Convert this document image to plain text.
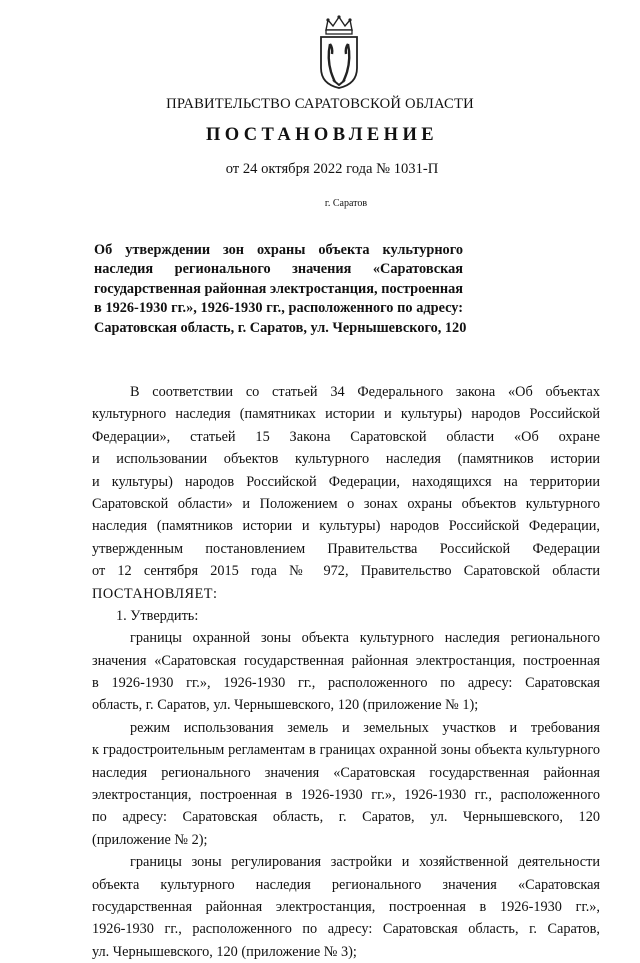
ПРАВИТЕЛЬСТВО САРАТОВСКОЙ ОБЛАСТИ
ПОСТАНОВЛЕНИЕ
от 24 октября 2022 года № 1031-П
г. Саратов
Об утверждении зон охраны объекта культурного
наследия регионального значения «Саратовская
государственная районная электростанция, построенная
в 1926-1930 гг.», 1926-1930 гг., расположенного по адресу:
Саратовская область, г. Саратов, ул. Чернышевского, 120
В соответствии со статьей 34 Федерального закона «Об объектах
культурного наследия (памятниках истории и культуры) народов Российской
Федерации», статьей 15 Закона Саратовской области «Об охране
и использовании объектов культурного наследия (памятников истории
и культуры) народов Российской Федерации, находящихся на территории
Саратовской области» и Положением о зонах охраны объектов культурного
наследия (памятников истории и культуры) народов Российской Федерации,
утвержденным постановлением Правительства Российской Федерации
от 12 сентября 2015 года № 972, Правительство Саратовской области
ПОСТАНОВЛЯЕТ:
1. Утвердить:
границы охранной зоны объекта культурного наследия регионального
значения «Саратовская государственная районная электростанция, построенная
в 1926-1930 гг.», 1926-1930 гг., расположенного по адресу: Саратовская
область, г. Саратов, ул. Чернышевского, 120 (приложение № 1);
режим использования земель и земельных участков и требования
к градостроительным регламентам в границах охранной зоны объекта культурного
наследия регионального значения «Саратовская государственная районная
электростанция, построенная в 1926-1930 гг.», 1926-1930 гг., расположенного
по адресу: Саратовская область, г. Саратов, ул. Чернышевского, 120
(приложение № 2);
границы зоны регулирования застройки и хозяйственной деятельности
объекта культурного наследия регионального значения «Саратовская
государственная районная электростанция, построенная в 1926-1930 гг.»,
1926-1930 гг., расположенного по адресу: Саратовская область, г. Саратов,
ул. Чернышевского, 120 (приложение № 3);
